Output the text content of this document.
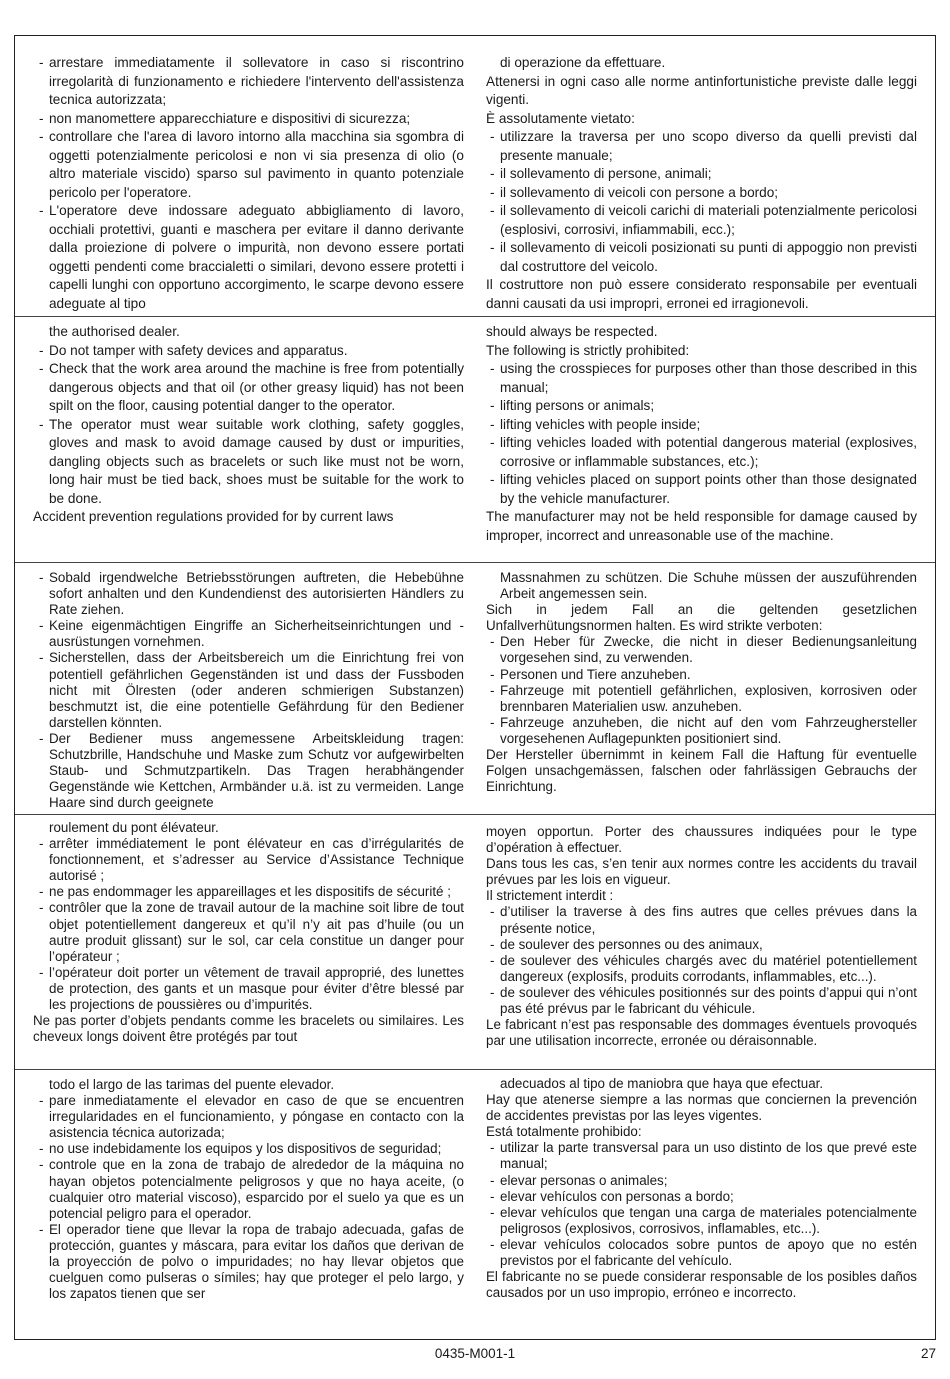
- arrestare immediatamente il sollevatore in caso si riscontrino irregolarità di funzionamento e richiedere l'intervento dell'assistenza tecnica autorizzata;
- non manomettere apparecchiature e dispositivi di sicurezza;
- controllare che l'area di lavoro intorno alla macchina sia sgombra di oggetti potenzialmente pericolosi e non vi sia presenza di olio (o altro materiale viscido) sparso sul pavimento in quanto potenziale pericolo per l'operatore.
- L'operatore deve indossare adeguato abbigliamento di lavoro, occhiali protettivi, guanti e maschera per evitare il danno derivante dalla proiezione di polvere o impurità, non devono essere portati oggetti pendenti come braccialetti o similari, devono essere protetti i capelli lunghi con opportuno accorgimento, le scarpe devono essere adeguate al tipo
di operazione da effettuare.
Attenersi in ogni caso alle norme antinfortunistiche previste dalle leggi vigenti.
È assolutamente vietato:
- utilizzare la traversa per uno scopo diverso da quelli previsti dal presente manuale;
- il sollevamento di persone, animali;
- il sollevamento di veicoli con persone a bordo;
- il sollevamento di veicoli carichi di materiali potenzialmente pericolosi (esplosivi, corrosivi, infiammabili, ecc.);
- il sollevamento di veicoli posizionati su punti di appoggio non previsti dal costruttore del veicolo.
Il costruttore non può essere considerato responsabile per eventuali danni causati da usi impropri, erronei ed irragionevoli.
the authorised dealer.
- Do not tamper with safety devices and apparatus.
- Check that the work area around the machine is free from potentially dangerous objects and that oil (or other greasy liquid) has not been spilt on the floor, causing potential danger to the operator.
- The operator must wear suitable work clothing, safety goggles, gloves and mask to avoid damage caused by dust or impurities, dangling objects such as bracelets or such like must not be worn, long hair must be tied back, shoes must be suitable for the work to be done.
Accident prevention regulations provided for by current laws
should always be respected.
The following is strictly prohibited:
- using the crosspieces for purposes other than those described in this manual;
- lifting persons or animals;
- lifting vehicles with people inside;
- lifting vehicles loaded with potential dangerous material (explosives, corrosive or inflammable substances, etc.);
- lifting vehicles placed on support points other than those designated by the vehicle manufacturer.
The manufacturer may not be held responsible for damage caused by improper, incorrect and unreasonable use of the machine.
- Sobald irgendwelche Betriebsstörungen auftreten, die Hebebühne sofort anhalten und den Kundendienst des autorisierten Händlers zu Rate ziehen.
- Keine eigenmächtigen Eingriffe an Sicherheitseinrichtungen und -ausrüstungen vornehmen.
- Sicherstellen, dass der Arbeitsbereich um die Einrichtung frei von potentiell gefährlichen Gegenständen ist und dass der Fussboden nicht mit Ölresten (oder anderen schmierigen Substanzen) beschmutzt ist, die eine potentielle Gefährdung für den Bediener darstellen könnten.
- Der Bediener muss angemessene Arbeitskleidung tragen: Schutzbrille, Handschuhe und Maske zum Schutz vor aufgewirbelten Staub- und Schmutzpartikeln. Das Tragen herabhängender Gegenstände wie Kettchen, Armbänder u.ä. ist zu vermeiden. Lange Haare sind durch geeignete
Massnahmen zu schützen. Die Schuhe müssen der auszuführenden Arbeit angemessen sein.
Sich in jedem Fall an die geltenden gesetzlichen Unfallverhütungsnormen halten. Es wird strikte verboten:
- Den Heber für Zwecke, die nicht in dieser Bedienungsanleitung vorgesehen sind, zu verwenden.
- Personen und Tiere anzuheben.
- Fahrzeuge mit potentiell gefährlichen, explosiven, korrosiven oder brennbaren Materialien usw. anzuheben.
- Fahrzeuge anzuheben, die nicht auf den vom Fahrzeughersteller vorgesehenen Auflagepunkten positioniert sind.
Der Hersteller übernimmt in keinem Fall die Haftung für eventuelle Folgen unsachgemässen, falschen oder fahrlässigen Gebrauchs der Einrichtung.
roulement du pont élévateur.
- arrêter immédiatement le pont élévateur en cas d’irrégularités de fonctionnement, et s’adresser au Service d’Assistance Technique autorisé ;
- ne pas endommager les appareillages et les dispositifs de sécurité ;
- contrôler que la zone de travail autour de la machine soit libre de tout objet potentiellement dangereux et qu’il n’y ait pas d’huile (ou un autre produit glissant) sur le sol, car cela constitue un danger pour l’opérateur ;
- l’opérateur doit porter un vêtement de travail approprié, des lunettes de protection, des gants et un masque pour éviter d’être blessé par les projections de poussières ou d’impurités.
Ne pas porter d’objets pendants comme les bracelets ou similaires. Les cheveux longs doivent être protégés par tout
moyen opportun. Porter des chaussures indiquées pour le type d’opération à effectuer.
Dans tous les cas, s’en tenir aux normes contre les accidents du travail prévues par les lois en vigueur.
Il strictement interdit :
- d’utiliser la traverse à des fins autres que celles prévues dans la présente notice,
- de soulever des personnes ou des animaux,
- de soulever des véhicules chargés avec du matériel potentiellement dangereux (explosifs, produits corrodants, inflammables, etc...).
- de soulever des véhicules positionnés sur des points d’appui qui n’ont pas été prévus par le fabricant du véhicule.
Le fabricant n’est pas responsable des dommages éventuels provoqués par une utilisation incorrecte, erronée ou déraisonnable.
todo el largo de las tarimas del puente elevador.
- pare inmediatamente el elevador en caso de que se encuentren irregularidades en el funcionamiento, y póngase en contacto con la asistencia técnica autorizada;
- no use indebidamente los equipos y los dispositivos de seguridad;
- controle que en la zona de trabajo de alrededor de la máquina no hayan objetos potencialmente peligrosos y que no haya aceite, (o cualquier otro material viscoso), esparcido por el suelo ya que es un potencial peligro para el operador.
- El operador tiene que llevar la ropa de trabajo adecuada, gafas de protección, guantes y máscara, para evitar los daños que derivan de la proyección de polvo o impuridades; no hay llevar objetos que cuelguen como pulseras o símiles; hay que proteger el pelo largo, y los zapatos tienen que ser
adecuados al tipo de maniobra que haya que efectuar.
Hay que atenerse siempre a las normas que conciernen la prevención de accidentes previstas por las leyes vigentes.
Está totalmente prohibido:
- utilizar la parte transversal para un uso distinto de los que prevé este manual;
- elevar personas o animales;
- elevar vehículos con personas a bordo;
- elevar vehículos que tengan una carga de materiales potencialmente peligrosos (explosivos, corrosivos, inflamables, etc...).
- elevar vehículos colocados sobre puntos de apoyo que no estén previstos por el fabricante del vehículo.
El fabricante no se puede considerar responsable de los posibles daños causados por un uso impropio, erróneo e incorrecto.
0435-M001-1	27
